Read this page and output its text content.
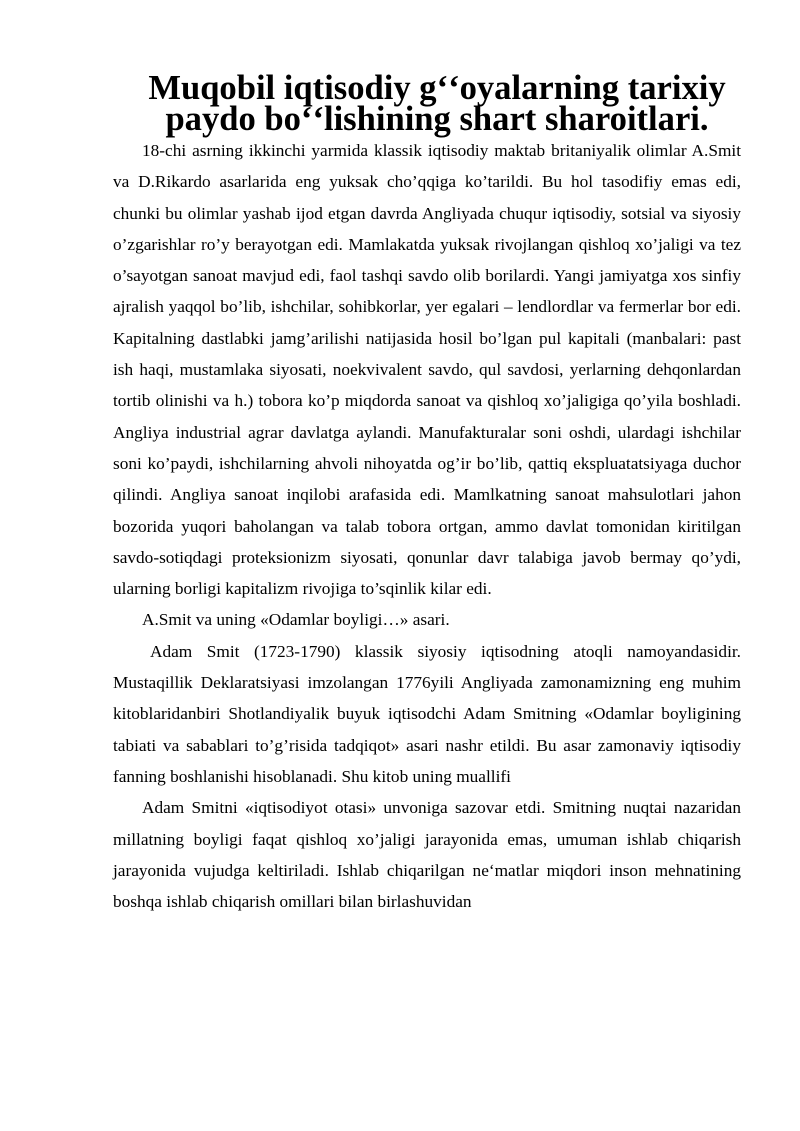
Muqobil iqtisodiy gʻʻoyalarning tarixiy paydo boʻʻlishining shart sharoitlari.

18-chi asrning ikkinchi yarmida klassik iqtisodiy maktab britaniyalik olimlar A.Smit va D.Rikardo asarlarida eng yuksak cho’qqiga ko’tarildi. Bu hol tasodifiy emas edi, chunki bu olimlar yashab ijod etgan davrda Angliyada chuqur iqtisodiy, sotsial va siyosiy o’zgarishlar ro’y berayotgan edi. Mamlakatda yuksak rivojlangan qishloq xo’jaligi va tez o’sayotgan sanoat mavjud edi, faol tashqi savdo olib borilardi. Yangi jamiyatga xos sinfiy ajralish yaqqol bo’lib, ishchilar, sohibkorlar, yer egalari – lendlordlar va fermerlar bor edi. Kapitalning dastlabki jamg’arilishi natijasida hosil bo’lgan pul kapitali (manbalari: past ish haqi, mustamlaka siyosati, noekvivalent savdo, qul savdosi, yerlarning dehqonlardan tortib olinishi va h.) tobora ko’p miqdorda sanoat va qishloq xo’jaligiga qo’yila boshladi. Angliya industrial agrar davlatga aylandi. Manufakturalar soni oshdi, ulardagi ishchilar soni ko’paydi, ishchilarning ahvoli nihoyatda og’ir bo’lib, qattiq ekspluatatsiyaga duchor qilindi. Angliya sanoat inqilobi arafasida edi. Mamlkatning sanoat mahsulotlari jahon bozorida yuqori baholangan va talab tobora ortgan, ammo davlat tomonidan kiritilgan savdo-sotiqdagi proteksionizm siyosati, qonunlar davr talabiga javob bermay qo’ydi, ularning borligi kapitalizm rivojiga to’sqinlik kilar edi.

A.Smit va uning «Odamlar boyligi…» asari.

Adam Smit (1723-1790) klassik siyosiy iqtisodning atoqli namoyandasidir. Mustaqillik Deklaratsiyasi imzolangan 1776yili Angliyada zamonamizning eng muhim kitoblaridanbiri Shotlandiyalik buyuk iqtisodchi Adam Smitning «Odamlar boyligining tabiati va sabablari to’g’risida tadqiqot» asari nashr etildi. Bu asar zamonaviy iqtisodiy fanning boshlanishi hisoblanadi. Shu kitob uning muallifi

Adam Smitni «iqtisodiyot otasi» unvoniga sazovar etdi. Smitning nuqtai nazaridan millatning boyligi faqat qishloq xo’jaligi jarayonida emas, umuman ishlab chiqarish jarayonida vujudga keltiriladi. Ishlab chiqarilgan ne‘matlar miqdori inson mehnatining boshqa ishlab chiqarish omillari bilan birlashuvidan
